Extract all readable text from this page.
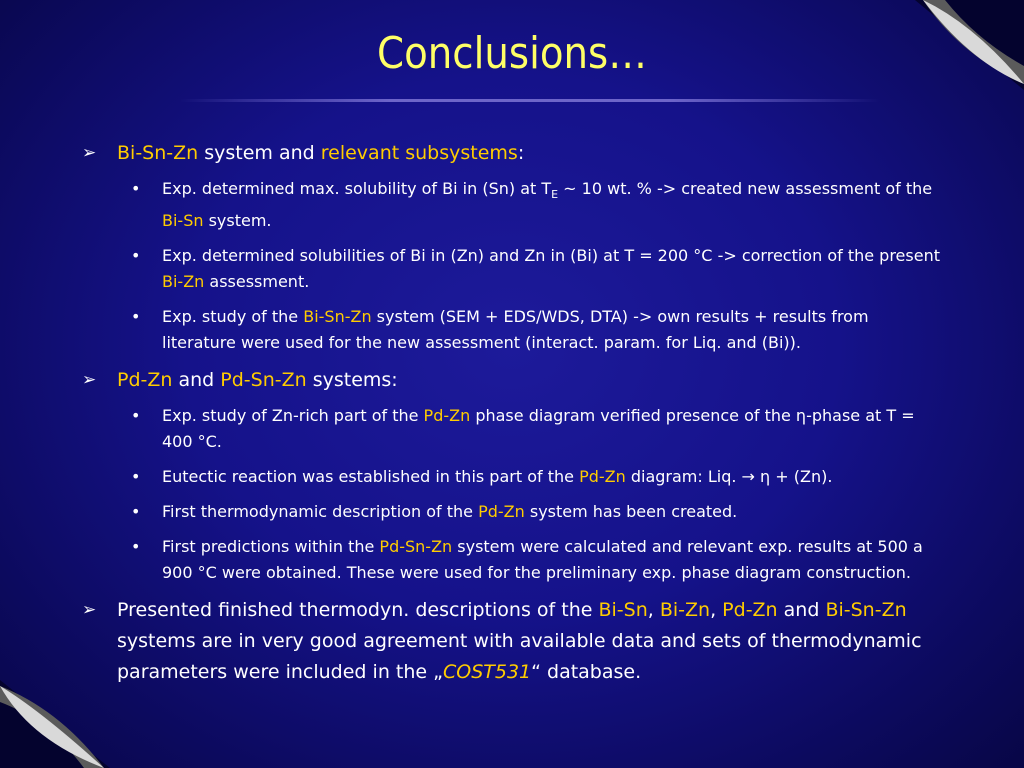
Conclusions…
➢ Bi-Sn-Zn system and relevant subsystems:
• Exp. determined max. solubility of Bi in (Sn) at $T_E$ ~ 10 wt. % -> created new assessment of the Bi-Sn system.
• Exp. determined solubilities of Bi in (Zn) and Zn in (Bi) at T = 200 °C -> correction of the present Bi-Zn assessment.
• Exp. study of the Bi-Sn-Zn system (SEM + EDS/WDS, DTA) -> own results + results from literature were used for the new assessment (interact. param. for Liq. and (Bi)).
➢ Pd-Zn and Pd-Sn-Zn systems:
• Exp. study of Zn-rich part of the Pd-Zn phase diagram verified presence of the η-phase at T = 400 °C.
• Eutectic reaction was established in this part of the Pd-Zn diagram: Liq. → η + (Zn).
• First thermodynamic description of the Pd-Zn system has been created.
• First predictions within the Pd-Sn-Zn system were calculated and relevant exp. results at 500 a 900 °C were obtained. These were used for the preliminary exp. phase diagram construction.
➢ Presented finished thermodyn. descriptions of the Bi-Sn, Bi-Zn, Pd-Zn and Bi-Sn-Zn systems are in very good agreement with available data and sets of thermodynamic parameters were included in the „COST531“ database.
